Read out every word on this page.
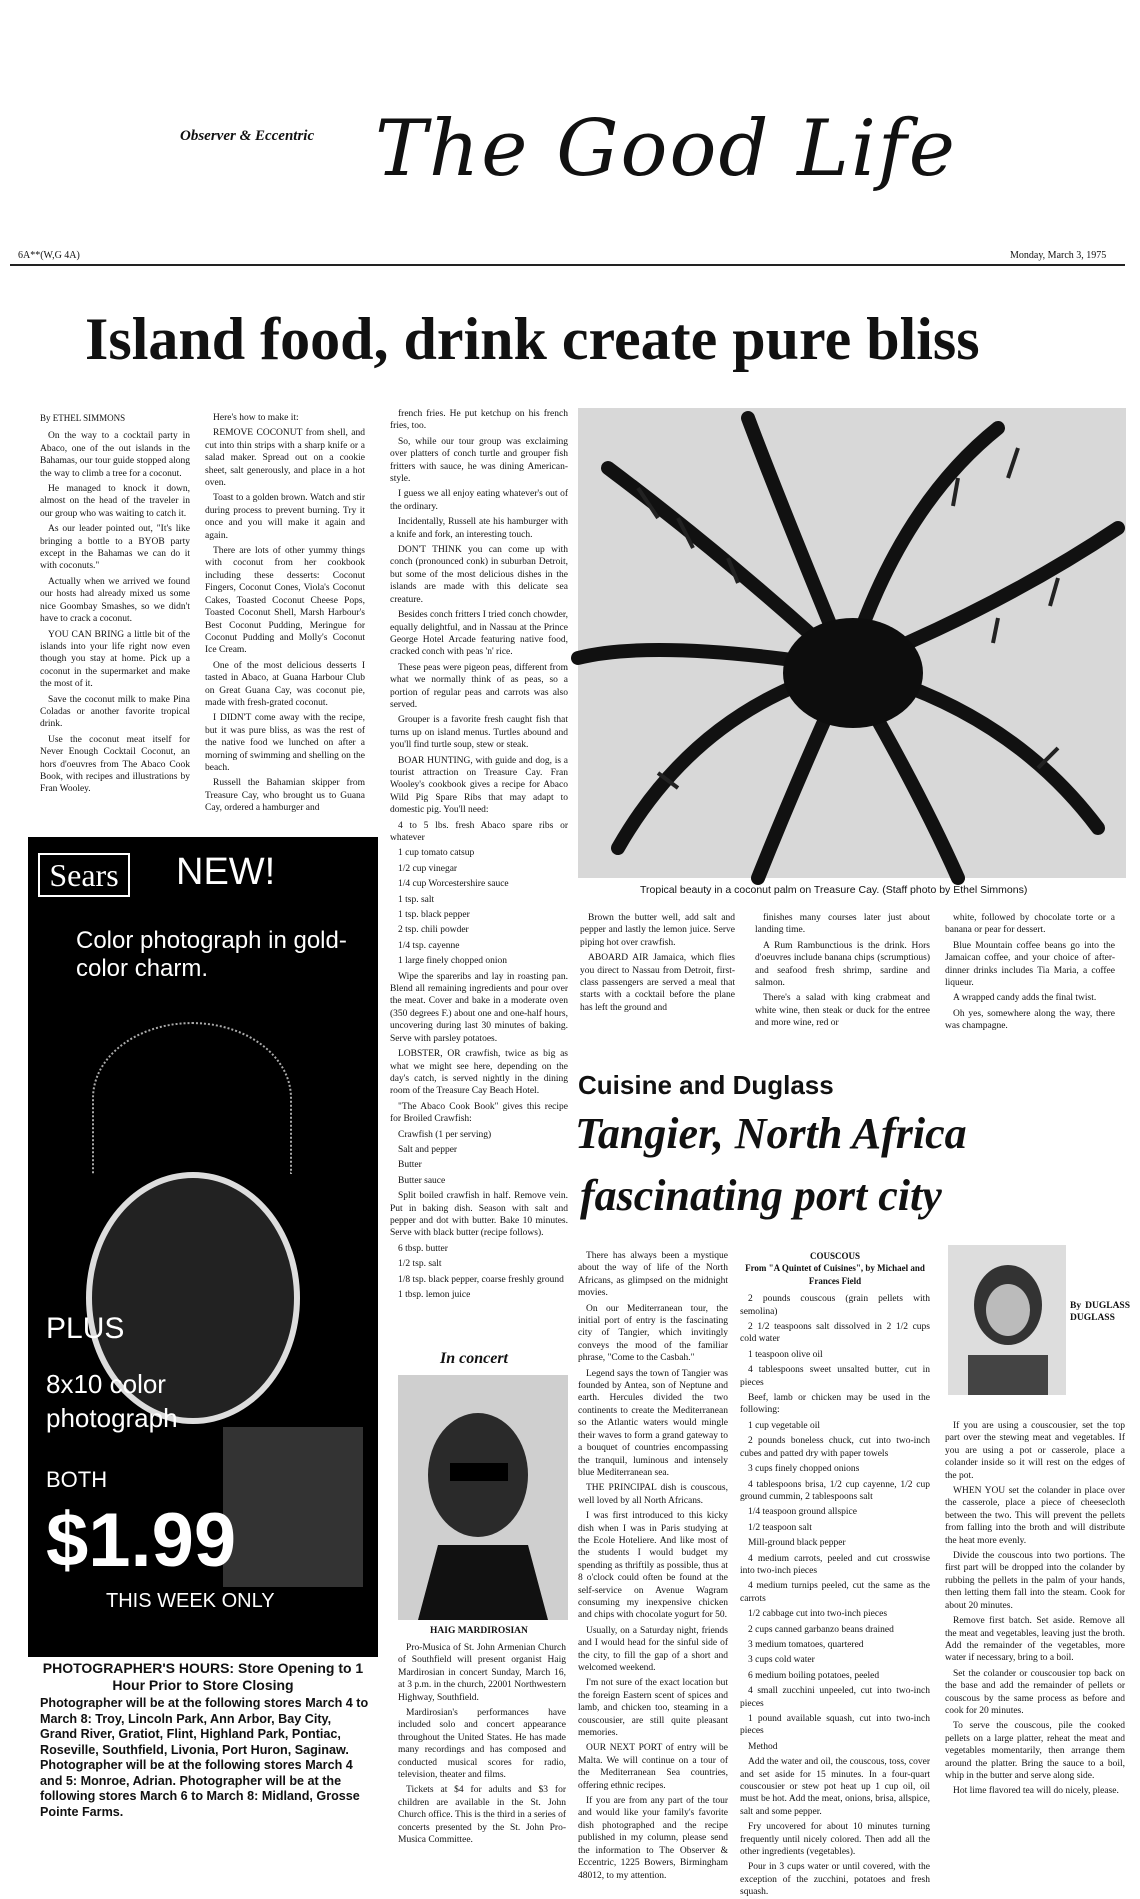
Observer & Eccentric The Good Life
6A**(W,G 4A)	Monday, March 3, 1975
Island food, drink create pure bliss
By ETHEL SIMMONS

On the way to a cocktail party in Abaco, one of the out islands in the Bahamas, our tour guide stopped along the way to climb a tree for a coconut.

He managed to knock it down, almost on the head of the traveler in our group who was waiting to catch it.

As our leader pointed out, "It's like bringing a bottle to a BYOB party except in the Bahamas we can do it with coconuts."

Actually when we arrived we found our hosts had already mixed us some nice Goombay Smashes, so we didn't have to crack a coconut.

YOU CAN BRING a little bit of the islands into your life right now even though you stay at home. Pick up a coconut in the supermarket and make the most of it.

Save the coconut milk to make Pina Coladas or another favorite tropical drink.

Use the coconut meat itself for Never Enough Cocktail Coconut, an hors d'oeuvres from The Abaco Cook Book, with recipes and illustrations by Fran Wooley.

Here's how to make it:

REMOVE COCONUT from shell, and cut into thin strips with a sharp knife or a salad maker. Spread out on a cookie sheet, salt generously, and place in a hot oven.

Toast to a golden brown. Watch and stir during process to prevent burning. Try it once and you will make it again and again.

There are lots of other yummy things with coconut from her cookbook including these desserts: Coconut Fingers, Coconut Cones, Viola's Coconut Cakes, Toasted Coconut Cheese Pops, Toasted Coconut Shell, Marsh Harbour's Best Coconut Pudding, Meringue for Coconut Pudding and Molly's Coconut Ice Cream.

One of the most delicious desserts I tasted in Abaco, at Guana Harbour Club on Great Guana Cay, was coconut pie, made with fresh-grated coconut.

I DIDN'T come away with the recipe, but it was pure bliss, as was the rest of the native food we lunched on after a morning of swimming and shelling on the beach.

Russell the Bahamian skipper from Treasure Cay, who brought us to Guana Cay, ordered a hamburger and

french fries. He put ketchup on his french fries, too.

So, while our tour group was exclaiming over platters of conch turtle and grouper fish fritters with sauce, he was dining American-style.

I guess we all enjoy eating whatever's out of the ordinary.

Incidentally, Russell ate his hamburger with a knife and fork, an interesting touch.

DON'T THINK you can come up with conch (pronounced conk) in suburban Detroit, but some of the most delicious dishes in the islands are made with this delicate sea creature.

Besides conch fritters I tried conch chowder, equally delightful, and in Nassau at the Prince George Hotel Arcade featuring native food, cracked conch with peas 'n' rice.

These peas were pigeon peas, different from what we normally think of as peas, so a portion of regular peas and carrots was also served.

Grouper is a favorite fresh caught fish that turns up on island menus. Turtles abound and you'll find turtle soup, stew or steak.

BOAR HUNTING, with guide and dog, is a tourist attraction on Treasure Cay. Fran Wooley's cookbook gives a recipe for Abaco Wild Pig Spare Ribs that may adapt to domestic pig. You'll need:

4 to 5 lbs. fresh Abaco spare ribs or whatever

1 cup tomato catsup

1/2 cup vinegar

1/4 cup Worcestershire sauce

1 tsp. salt

1 tsp. black pepper

2 tsp. chili powder

1/4 tsp. cayenne

1 large finely chopped onion

Wipe the spareribs and lay in roasting pan. Blend all remaining ingredients and pour over the meat. Cover and bake in a moderate oven (350 degrees F.) about one and one-half hours, uncovering during last 30 minutes of baking. Serve with parsley potatoes.

LOBSTER, OR crawfish, twice as big as what we might see here, depending on the day's catch, is served nightly in the dining room of the Treasure Cay Beach Hotel.

"The Abaco Cook Book" gives this recipe for Broiled Crawfish:

Crawfish (1 per serving)

Salt and pepper

Butter

Butter sauce

Split boiled crawfish in half. Remove vein. Put in baking dish. Season with salt and pepper and dot with butter. Bake 10 minutes. Serve with black butter (recipe follows).

6 tbsp. butter

1/2 tsp. salt

1/8 tsp. black pepper, coarse freshly ground

1 tbsp. lemon juice

Tropical beauty in a coconut palm on Treasure Cay. (Staff photo by Ethel Simmons)

Brown the butter well, add salt and pepper and lastly the lemon juice. Serve piping hot over crawfish.

ABOARD AIR Jamaica, which flies you direct to Nassau from Detroit, first-class passengers are served a meal that starts with a cocktail before the plane has left the ground and

finishes many courses later just about landing time.

A Rum Rambunctious is the drink. Hors d'oeuvres include banana chips (scrumptious) and seafood fresh shrimp, sardine and salmon.

There's a salad with king crabmeat and white wine, then steak or duck for the entree and more wine, red or

white, followed by chocolate torte or a banana or pear for dessert.

Blue Mountain coffee beans go into the Jamaican coffee, and your choice of after-dinner drinks includes Tia Maria, a coffee liqueur.

A wrapped candy adds the final twist.

Oh yes, somewhere along the way, there was champagne.

Sears NEW!
Color photograph in gold-color charm.
PLUS
8x10 color photograph
BOTH
$1.99
THIS WEEK ONLY
PHOTOGRAPHER'S HOURS: Store Opening to 1 Hour Prior to Store Closing
Photographer will be at the following stores March 4 to March 8: Troy, Lincoln Park, Ann Arbor, Bay City, Grand River, Gratiot, Flint, Highland Park, Pontiac, Roseville, Southfield, Livonia, Port Huron, Saginaw. Photographer will be at the following stores March 4 and 5: Monroe, Adrian. Photographer will be at the following stores March 6 to March 8: Midland, Grosse Pointe Farms.
Cuisine and Duglass
Tangier, North Africa
fascinating port city

There has always been a mystique about the way of life of the North Africans, as glimpsed on the midnight movies.

On our Mediterranean tour, the initial port of entry is the fascinating city of Tangier, which invitingly conveys the mood of the familiar phrase, "Come to the Casbah."

Legend says the town of Tangier was founded by Antea, son of Neptune and earth. Hercules divided the two continents to create the Mediterranean so the Atlantic waters would mingle their waves to form a grand gateway to a bouquet of countries encompassing the tranquil, luminous and intensely blue Mediterranean sea.

THE PRINCIPAL dish is couscous, well loved by all North Africans.

I was first introduced to this kicky dish when I was in Paris studying at the Ecole Hoteliere. And like most of the students I would budget my spending as thriftily as possible, thus at 8 o'clock could often be found at the self-service on Avenue Wagram consuming my inexpensive chicken and chips with chocolate yogurt for 50.

Usually, on a Saturday night, friends and I would head for the sinful side of the city, to fill the gap of a short and welcomed weekend.

I'm not sure of the exact location but the foreign Eastern scent of spices and lamb, and chicken too, steaming in a couscousier, are still quite pleasant memories.

OUR NEXT PORT of entry will be Malta. We will continue on a tour of the Mediterranean Sea countries, offering ethnic recipes.

If you are from any part of the tour and would like your family's favorite dish photographed and the recipe published in my column, please send the information to The Observer & Eccentric, 1225 Bowers, Birmingham 48012, to my attention.

COUSCOUS
From "A Quintet of Cuisines", by Michael and Frances Field

2 pounds couscous (grain pellets with semolina)

2 1/2 teaspoons salt dissolved in 2 1/2 cups cold water

1 teaspoon olive oil

4 tablespoons sweet unsalted butter, cut in pieces

Beef, lamb or chicken may be used in the following:

1 cup vegetable oil

2 pounds boneless chuck, cut into two-inch cubes and patted dry with paper towels

3 cups finely chopped onions

4 tablespoons brisa, 1/2 cup cayenne, 1/2 cup ground cummin, 2 tablespoons salt

1/4 teaspoon ground allspice

1/2 teaspoon salt

Mill-ground black pepper

4 medium carrots, peeled and cut crosswise into two-inch pieces

4 medium turnips peeled, cut the same as the carrots

1/2 cabbage cut into two-inch pieces

2 cups canned garbanzo beans drained

3 medium tomatoes, quartered

3 cups cold water

6 medium boiling potatoes, peeled

4 small zucchini unpeeled, cut into two-inch pieces

1 pound available squash, cut into two-inch pieces

Method

Add the water and oil, the couscous, toss, cover and set aside for 15 minutes. In a four-quart couscousier or stew pot heat up 1 cup oil, oil must be hot. Add the meat, onions, brisa, allspice, salt and some pepper.

Fry uncovered for about 10 minutes turning frequently until nicely colored. Then add all the other ingredients (vegetables).

Pour in 3 cups water or until covered, with the exception of the zucchini, potatoes and fresh squash.

By DUGLASS DUGLASS

If you are using a couscousier, set the top part over the stewing meat and vegetables. If you are using a pot or casserole, place a colander inside so it will rest on the edges of the pot.

WHEN YOU set the colander in place over the casserole, place a piece of cheesecloth between the two. This will prevent the pellets from falling into the broth and will distribute the heat more evenly.

Divide the couscous into two portions. The first part will be dropped into the colander by rubbing the pellets in the palm of your hands, then letting them fall into the steam. Cook for about 20 minutes.

Remove first batch. Set aside. Remove all the meat and vegetables, leaving just the broth. Add the remainder of the vegetables, more water if necessary, bring to a boil.

Set the colander or couscousier top back on the base and add the remainder of pellets or couscous by the same process as before and cook for 20 minutes.

To serve the couscous, pile the cooked pellets on a large platter, reheat the meat and vegetables momentarily, then arrange them around the platter. Bring the sauce to a boil, whip in the butter and serve along side.

Hot lime flavored tea will do nicely, please.

In concert
HAIG MARDIROSIAN

Pro-Musica of St. John Armenian Church of Southfield will present organist Haig Mardirosian in concert Sunday, March 16, at 3 p.m. in the church, 22001 Northwestern Highway, Southfield.

Mardirosian's performances have included solo and concert appearance throughout the United States. He has made many recordings and has composed and conducted musical scores for radio, television, theater and films.

Tickets at $4 for adults and $3 for children are available in the St. John Church office. This is the third in a series of concerts presented by the St. John Pro-Musica Committee.
